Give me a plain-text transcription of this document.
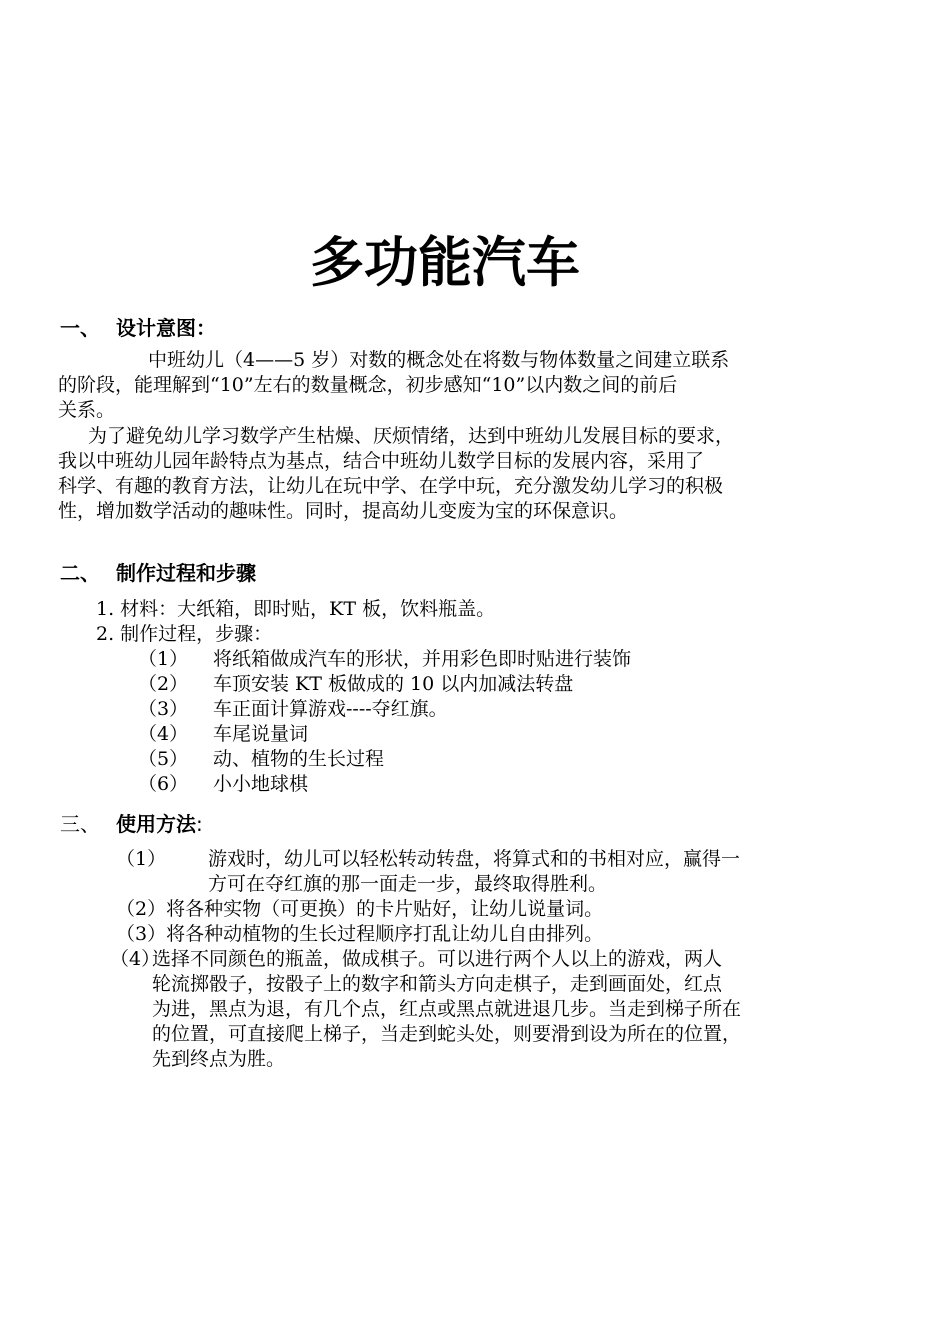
多功能汽车
一、 设计意图：
中班幼儿（4——5 岁）对数的概念处在将数与物体数量之间建立联系
的阶段，能理解到“10”左右的数量概念，初步感知“10”以内数之间的前后
关系。
为了避免幼儿学习数学产生枯燥、厌烦情绪，达到中班幼儿发展目标的要求，
我以中班幼儿园年龄特点为基点，结合中班幼儿数学目标的发展内容，采用了
科学、有趣的教育方法，让幼儿在玩中学、在学中玩，充分激发幼儿学习的积极
性，增加数学活动的趣味性。同时，提高幼儿变废为宝的环保意识。
二、 制作过程和步骤
1. 材料：大纸箱，即时贴，KT 板，饮料瓶盖。
2. 制作过程，步骤：
（1） 将纸箱做成汽车的形状，并用彩色即时贴进行装饰
（2） 车顶安装 KT 板做成的 10 以内加减法转盘
（3） 车正面计算游戏----夺红旗。
（4） 车尾说量词
（5） 动、植物的生长过程
（6） 小小地球棋
三、 使用方法:
（1） 游戏时，幼儿可以轻松转动转盘，将算式和的书相对应，赢得一
方可在夺红旗的那一面走一步，最终取得胜利。
（2）将各种实物（可更换）的卡片贴好，让幼儿说量词。
（3）将各种动植物的生长过程顺序打乱让幼儿自由排列。
（4）
选择不同颜色的瓶盖，做成棋子。可以进行两个人以上的游戏，两人
轮流掷骰子，按骰子上的数字和箭头方向走棋子，走到画面处，红点
为进，黑点为退，有几个点，红点或黑点就进退几步。当走到梯子所在
的位置，可直接爬上梯子，当走到蛇头处，则要滑到设为所在的位置，
先到终点为胜。
